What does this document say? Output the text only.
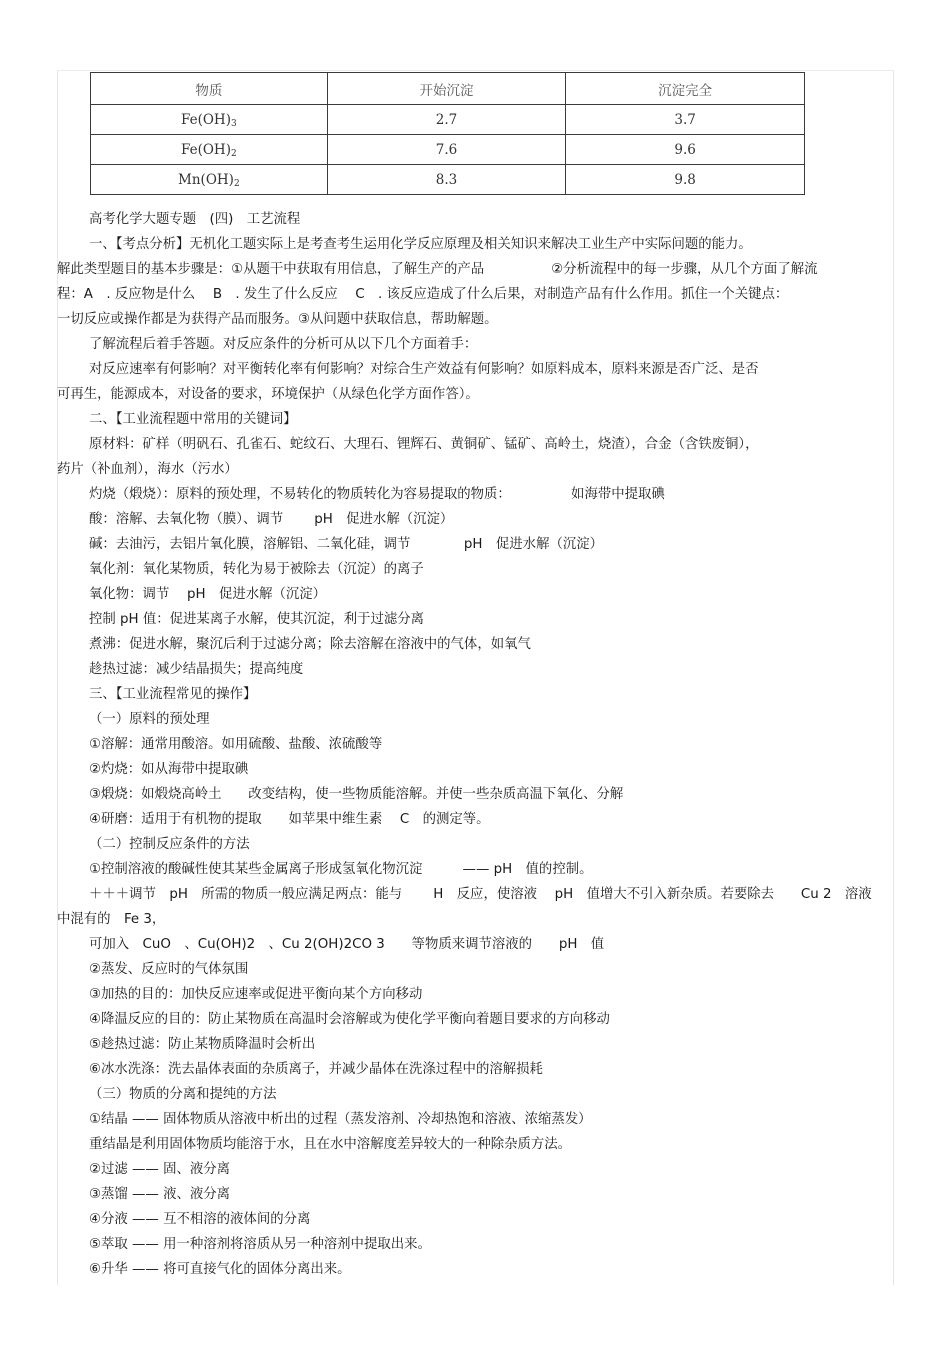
物质	开始沉淀	沉淀完全
$Fe(OH)_3$	2.7	3.7
$Fe(OH)_2$	7.6	9.6
$Mn(OH)_2$	8.3	9.8
高考化学大题专题　(四)　工艺流程
一、【考点分析】无机化工题实际上是考查考生运用化学反应原理及相关知识来解决工业生产中实际问题的能力。
解此类型题目的基本步骤是：①从题干中获取有用信息，了解生产的产品　　　　　②分析流程中的每一步骤，从几个方面了解流
程：A　. 反应物是什么　 B　. 发生了什么反应　 C　. 该反应造成了什么后果，对制造产品有什么作用。抓住一个关键点：
一切反应或操作都是为获得产品而服务。③从问题中获取信息，帮助解题。
了解流程后着手答题。对反应条件的分析可从以下几个方面着手：
对反应速率有何影响？对平衡转化率有何影响？对综合生产效益有何影响？如原料成本，原料来源是否广泛、是否
可再生，能源成本，对设备的要求，环境保护（从绿色化学方面作答）。
二、【工业流程题中常用的关键词】
原材料：矿样（明矾石、孔雀石、蛇纹石、大理石、锂辉石、黄铜矿、锰矿、高岭土，烧渣），合金（含铁废铜），
药片（补血剂），海水（污水）
灼烧（煅烧）：原料的预处理，不易转化的物质转化为容易提取的物质：　　　　　如海带中提取碘
酸：溶解、去氧化物（膜）、调节　　 pH　促进水解（沉淀）
碱：去油污，去铝片氧化膜，溶解铝、二氧化硅，调节　　　　pH　促进水解（沉淀）
氧化剂：氧化某物质，转化为易于被除去（沉淀）的离子
氧化物：调节　 pH　促进水解（沉淀）
控制 pH 值：促进某离子水解，使其沉淀，利于过滤分离
煮沸：促进水解，聚沉后利于过滤分离；除去溶解在溶液中的气体，如氧气
趁热过滤：减少结晶损失；提高纯度
三、【工业流程常见的操作】
（一）原料的预处理
①溶解：通常用酸溶。如用硫酸、盐酸、浓硫酸等
②灼烧：如从海带中提取碘
③煅烧：如煅烧高岭土　　改变结构，使一些物质能溶解。并使一些杂质高温下氧化、分解
④研磨：适用于有机物的提取　　如苹果中维生素　 C　的测定等。
（二）控制反应条件的方法
①控制溶液的酸碱性使其某些金属离子形成氢氧化物沉淀　　　—— pH　值的控制。
＋＋＋调节　pH　所需的物质一般应满足两点：能与　　 H　反应，使溶液　 pH　值增大不引入新杂质。若要除去　　Cu 2　溶液
中混有的　Fe 3，
可加入　CuO　、Cu(OH)2　、Cu 2(OH)2CO 3　　等物质来调节溶液的　　pH　值
②蒸发、反应时的气体氛围
③加热的目的：加快反应速率或促进平衡向某个方向移动
④降温反应的目的：防止某物质在高温时会溶解或为使化学平衡向着题目要求的方向移动
⑤趁热过滤：防止某物质降温时会析出
⑥冰水洗涤：洗去晶体表面的杂质离子，并减少晶体在洗涤过程中的溶解损耗
（三）物质的分离和提纯的方法
①结晶 —— 固体物质从溶液中析出的过程（蒸发溶剂、冷却热饱和溶液、浓缩蒸发）
重结晶是利用固体物质均能溶于水，且在水中溶解度差异较大的一种除杂质方法。
②过滤 —— 固、液分离
③蒸馏 —— 液、液分离
④分液 —— 互不相溶的液体间的分离
⑤萃取 —— 用一种溶剂将溶质从另一种溶剂中提取出来。
⑥升华 —— 将可直接气化的固体分离出来。
